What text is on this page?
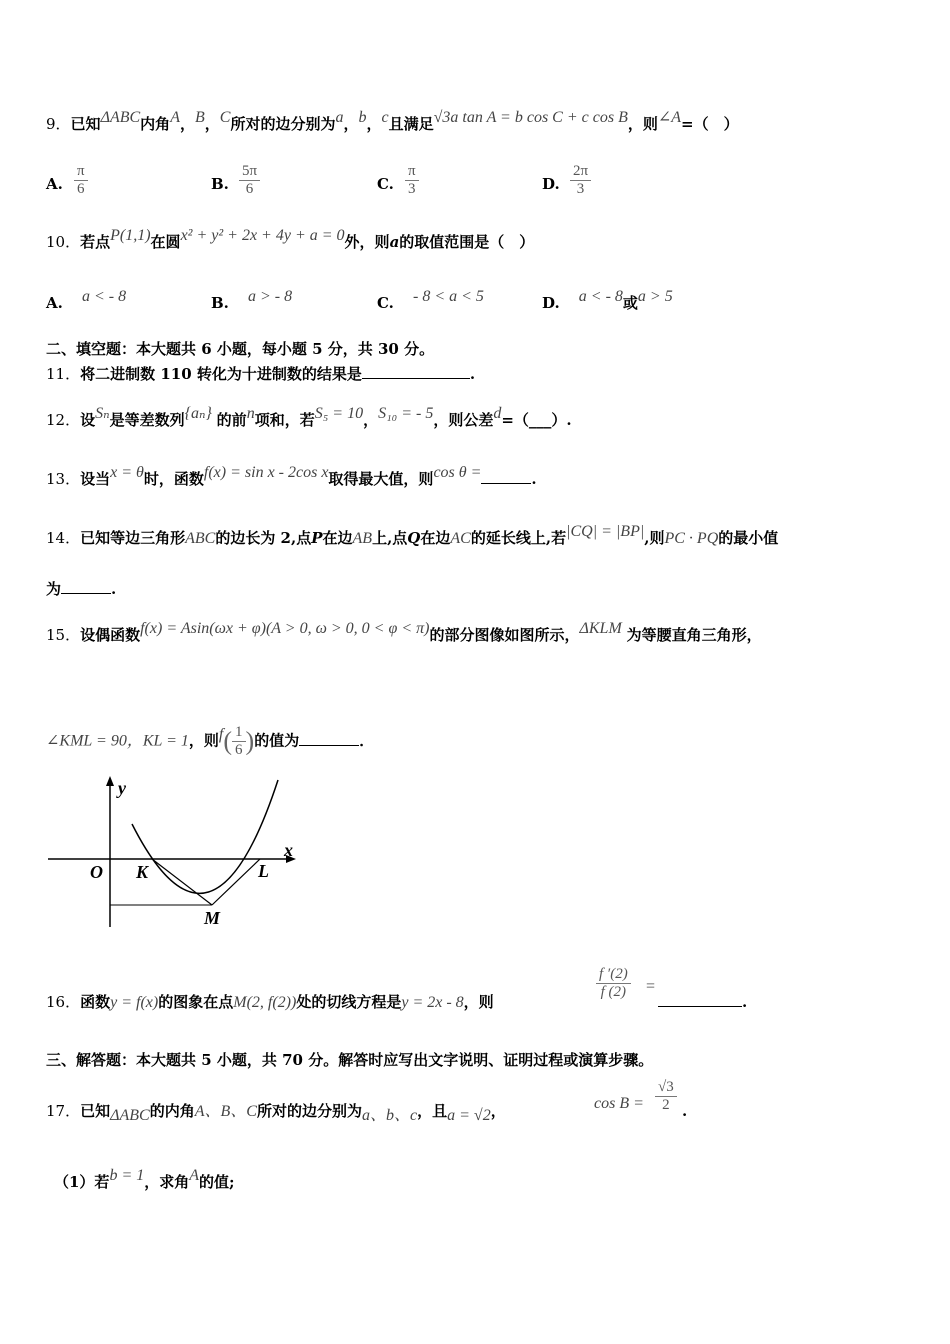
9．已知ΔABC内角A，B，C所对的边分别为a，b，c且满足√3a tan A = b cos C + c cos B，则∠A=（　）
A. $\frac{\pi}{6}$	B. $\frac{5\pi}{6}$	C. $\frac{\pi}{3}$	D. $\frac{2\pi}{3}$
10．若点P(1,1)在圆x² + y² + 2x + 4y + a = 0外，则a的取值范围是（　）
A. a < - 8	B. a > - 8	C. - 8 < a < 5	D. a < - 8或a > 5
二、填空题：本大题共 6 小题，每小题 5 分，共 30 分。
11．将二进制数 110 转化为十进制数的结果是	.
12．设Sₙ是等差数列{aₙ} 的前n项和，若S₅ = 10，S₁₀ = - 5，则公差d=（___）.
13．设当x = θ时，函数f(x) = sin x - 2cos x取得最大值，则cos θ =	.
14．已知等边三角形ABC的边长为 2,点P在边AB上,点Q在边AC的延长线上,若|CQ| = |BP|,则PC · PQ的最小值
为	.
15．设偶函数f(x) = Asin(ωx + φ)(A > 0, ω > 0, 0 < φ < π)的部分图像如图所示，ΔKLM 为等腰直角三角形，
∠KML = 90，KL = 1，则$f( \frac{1}{6}$ )的值为	．
y
x
O K	L
M
16．函数y = f(x)的图象在点M(2, f(2))处的切线方程是y = 2x - 8，则
$\frac{f '(2)}{f (2)}$ =
.
三、解答题：本大题共 5 小题，共 70 分。解答时应写出文字说明、证明过程或演算步骤。
17．已知ΔABC的内角A、B、C所对的边分别为a、b、c，且a = √2，	$\cos B = \frac{√3}{2}$ .
（1）若b = 1，求角A的值;
